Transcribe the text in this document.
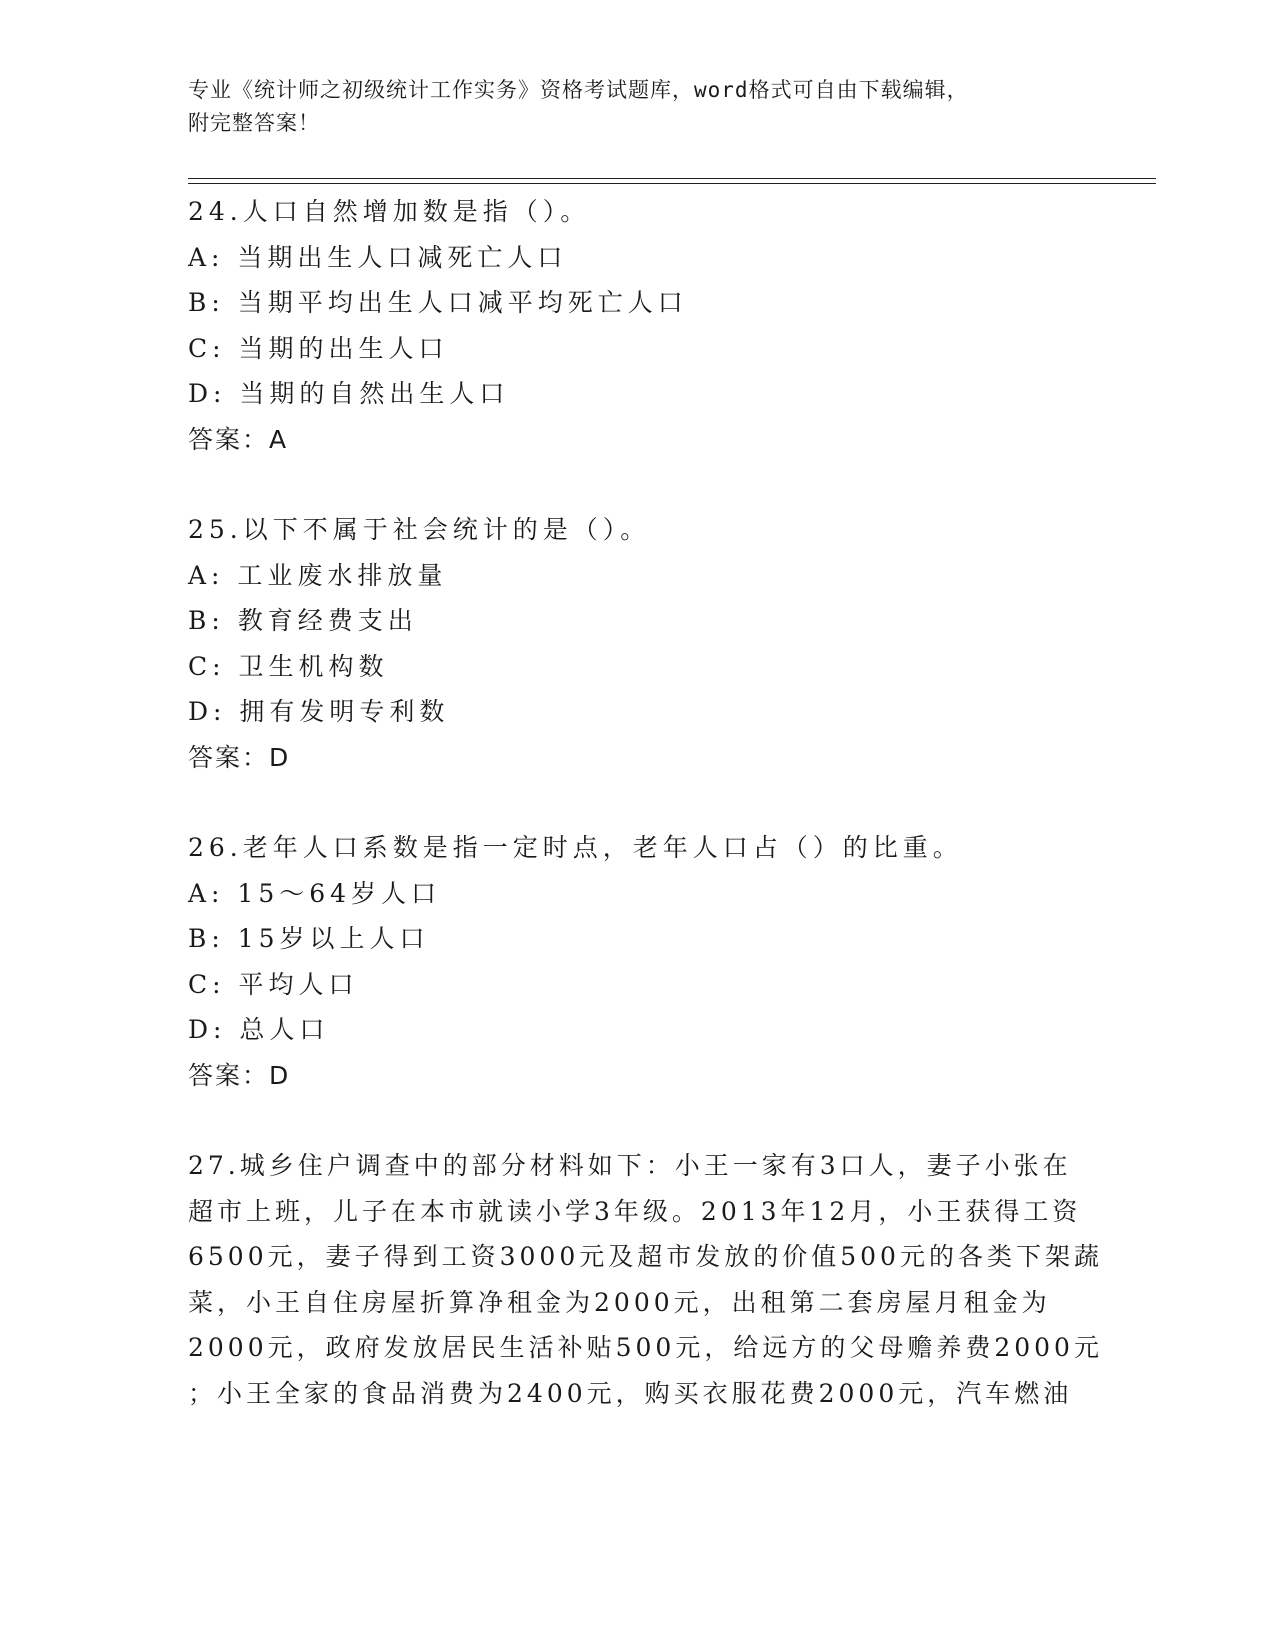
专业《统计师之初级统计工作实务》资格考试题库，word格式可自由下载编辑，
附完整答案！
24.人口自然增加数是指（）。
A: 当期出生人口减死亡人口
B: 当期平均出生人口减平均死亡人口
C: 当期的出生人口
D: 当期的自然出生人口
答案：A
25.以下不属于社会统计的是（）。
A: 工业废水排放量
B: 教育经费支出
C: 卫生机构数
D: 拥有发明专利数
答案：D
26.老年人口系数是指一定时点，老年人口占（）的比重。
A: 15～64岁人口
B: 15岁以上人口
C: 平均人口
D: 总人口
答案：D
27.城乡住户调查中的部分材料如下：小王一家有3口人，妻子小张在
超市上班，儿子在本市就读小学3年级。2013年12月，小王获得工资
6500元，妻子得到工资3000元及超市发放的价值500元的各类下架蔬
菜，小王自住房屋折算净租金为2000元，出租第二套房屋月租金为
2000元，政府发放居民生活补贴500元，给远方的父母赡养费2000元
；小王全家的食品消费为2400元，购买衣服花费2000元，汽车燃油
